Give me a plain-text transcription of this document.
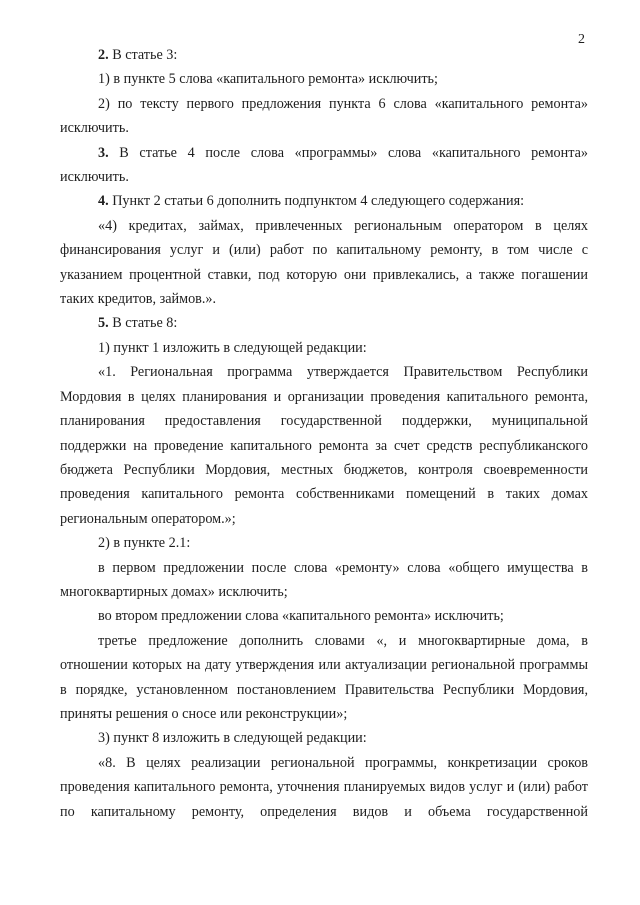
2

2. В статье 3:

1) в пункте 5 слова «капитального ремонта» исключить;

2) по тексту первого предложения пункта 6 слова «капитального ремонта» исключить.

3. В статье 4 после слова «программы» слова «капитального ремонта» исключить.

4. Пункт 2 статьи 6 дополнить подпунктом 4 следующего содержания:

«4) кредитах, займах, привлеченных региональным оператором в целях финансирования услуг и (или) работ по капитальному ремонту, в том числе с указанием процентной ставки, под которую они привлекались, а также погашении таких кредитов, займов.».

5. В статье 8:

1) пункт 1 изложить в следующей редакции:

«1. Региональная программа утверждается Правительством Республики Мордовия в целях планирования и организации проведения капитального ремонта, планирования предоставления государственной поддержки, муниципальной поддержки на проведение капитального ремонта за счет средств республиканского бюджета Республики Мордовия, местных бюджетов, контроля своевременности проведения капитального ремонта собственниками помещений в таких домах региональным оператором.»;

2) в пункте 2.1:

в первом предложении после слова «ремонту» слова «общего имущества в многоквартирных домах» исключить;

во втором предложении слова «капитального ремонта» исключить;

третье предложение дополнить словами «, и многоквартирные дома, в отношении которых на дату утверждения или актуализации региональной программы в порядке, установленном постановлением Правительства Республики Мордовия, приняты решения о сносе или реконструкции»;

3) пункт 8 изложить в следующей редакции:

«8. В целях реализации региональной программы, конкретизации сроков проведения капитального ремонта, уточнения планируемых видов услуг и (или) работ по капитальному ремонту, определения видов и объема государственной
